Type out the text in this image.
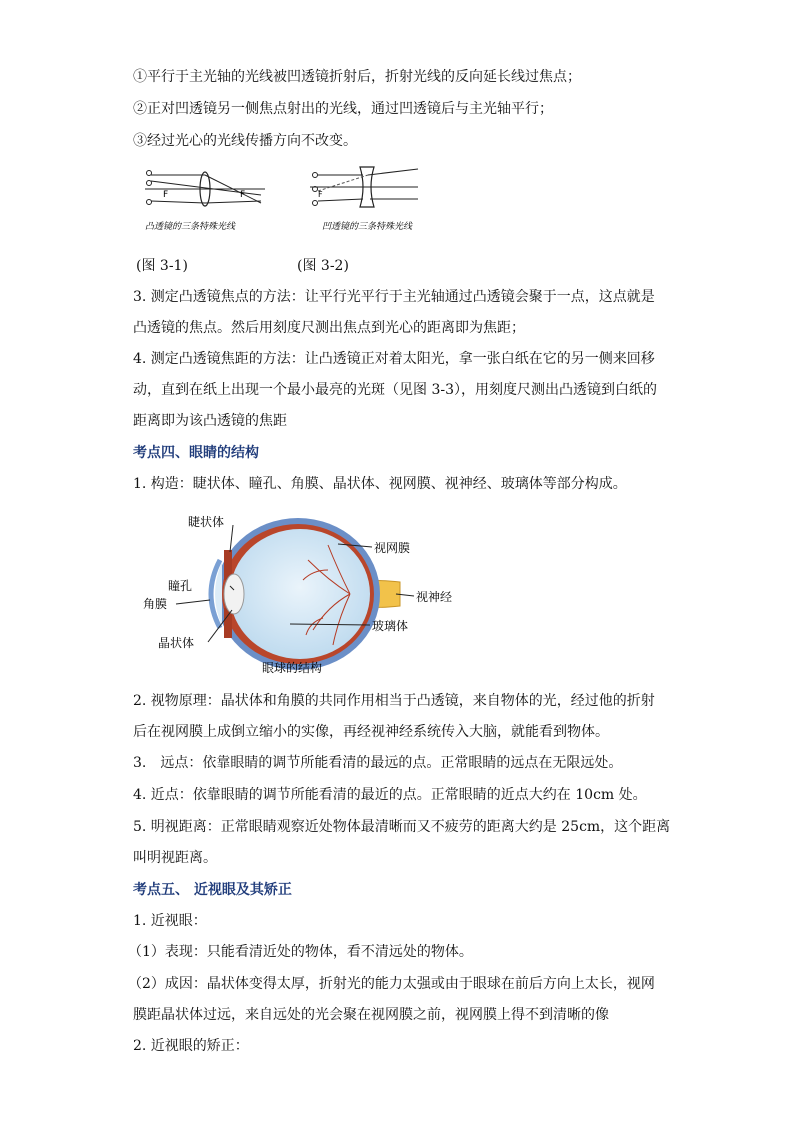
①平行于主光轴的光线被凹透镜折射后，折射光线的反向延长线过焦点；
②正对凹透镜另一侧焦点射出的光线，通过凹透镜后与主光轴平行；
③经过光心的光线传播方向不改变。
F	F
凸透镜的三条特殊光线
F
凹透镜的三条特殊光线
(图 3-1)	(图 3-2)
3. 测定凸透镜焦点的方法：让平行光平行于主光轴通过凸透镜会聚于一点，这点就是
凸透镜的焦点。然后用刻度尺测出焦点到光心的距离即为焦距；
4. 测定凸透镜焦距的方法：让凸透镜正对着太阳光，拿一张白纸在它的另一侧来回移
动，直到在纸上出现一个最小最亮的光斑（见图 3-3），用刻度尺测出凸透镜到白纸的
距离即为该凸透镜的焦距
考点四、眼睛的结构
1. 构造：睫状体、瞳孔、角膜、晶状体、视网膜、视神经、玻璃体等部分构成。
睫状体
瞳孔
角膜
晶状体
视网膜
视神经
玻璃体
眼球的结构
2. 视物原理：晶状体和角膜的共同作用相当于凸透镜，来自物体的光，经过他的折射
后在视网膜上成倒立缩小的实像，再经视神经系统传入大脑，就能看到物体。
3.　远点：依靠眼睛的调节所能看清的最远的点。正常眼睛的远点在无限远处。
4. 近点：依靠眼睛的调节所能看清的最近的点。正常眼睛的近点大约在 10cm 处。
5. 明视距离：正常眼睛观察近处物体最清晰而又不疲劳的距离大约是 25cm，这个距离
叫明视距离。
考点五、 近视眼及其矫正
1. 近视眼：
（1）表现：只能看清近处的物体，看不清远处的物体。
（2）成因：晶状体变得太厚，折射光的能力太强或由于眼球在前后方向上太长，视网
膜距晶状体过远，来自远处的光会聚在视网膜之前，视网膜上得不到清晰的像
2. 近视眼的矫正：
